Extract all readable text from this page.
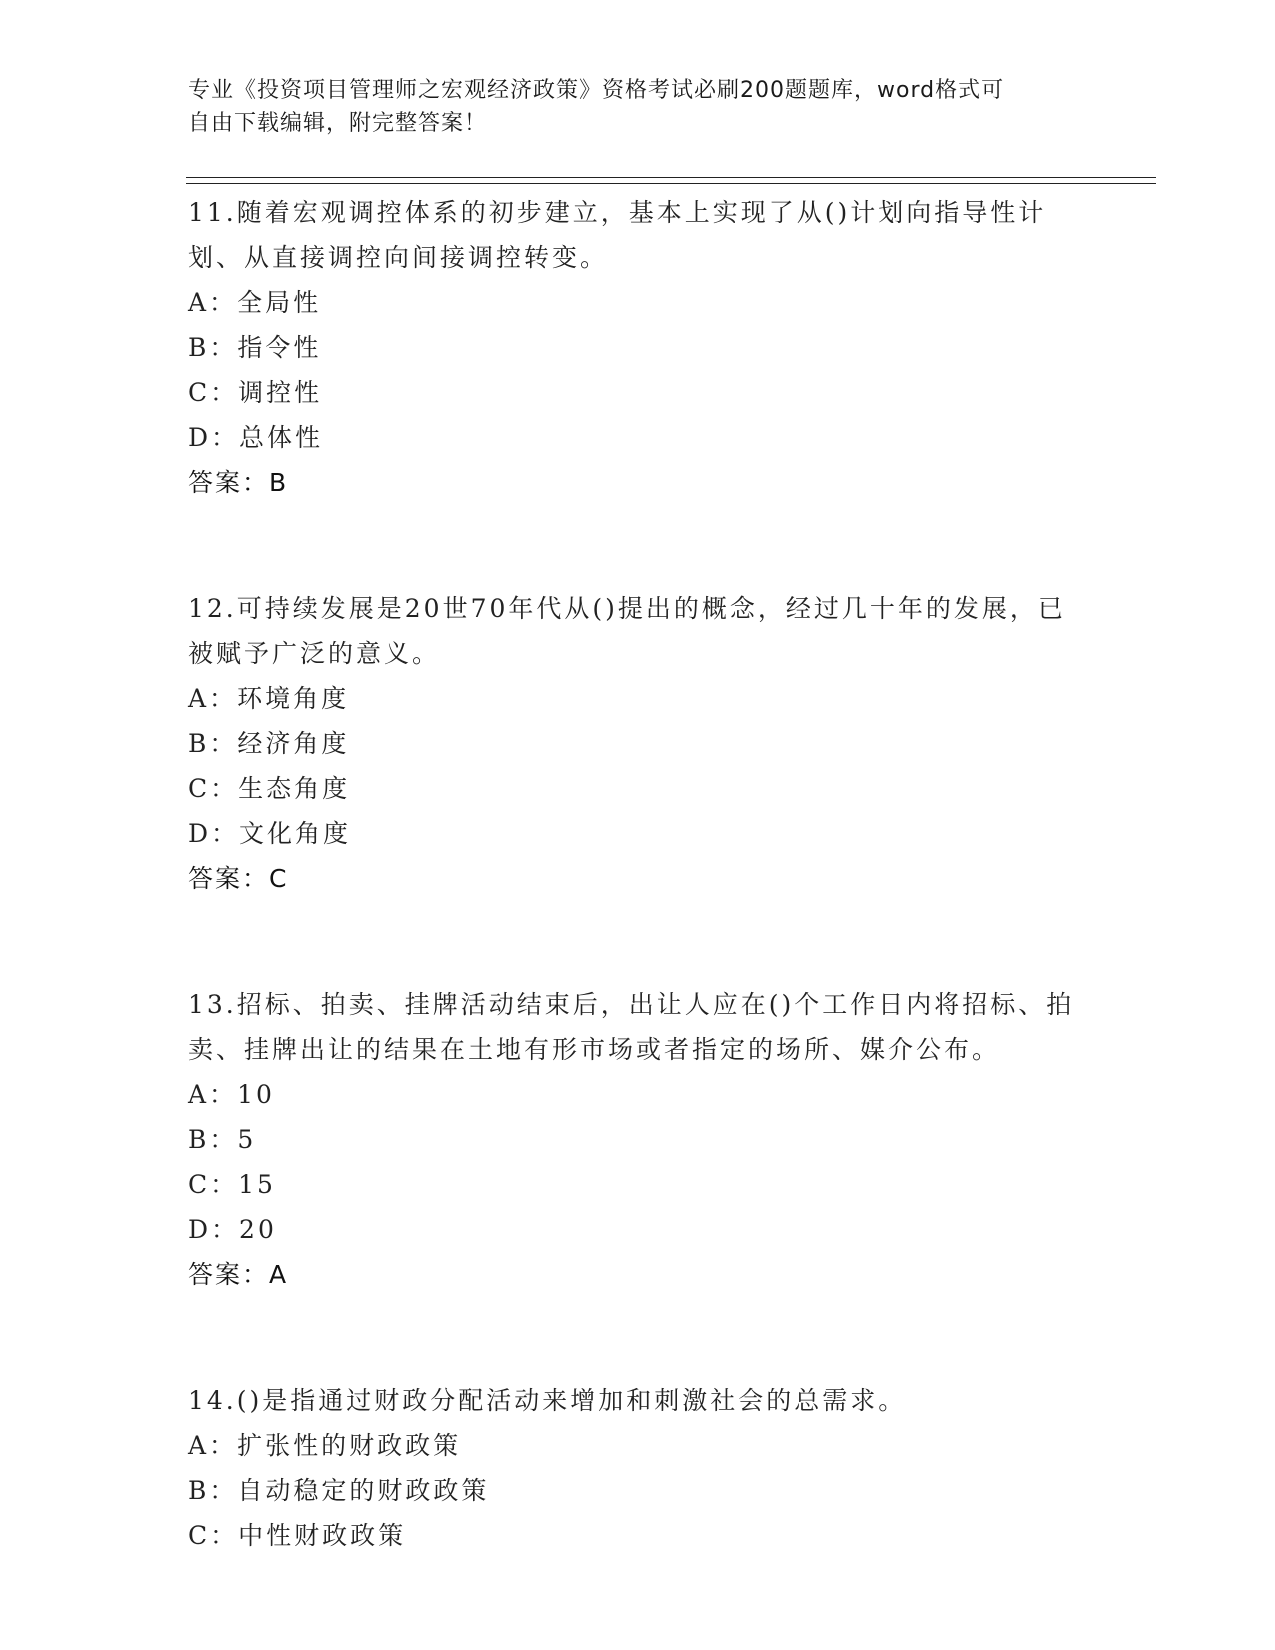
专业《投资项目管理师之宏观经济政策》资格考试必刷200题题库，word格式可
自由下载编辑，附完整答案！

11.随着宏观调控体系的初步建立，基本上实现了从()计划向指导性计划、从直接调控向间接调控转变。

A：全局性

B：指令性

C：调控性

D：总体性

答案：B

12.可持续发展是20世70年代从()提出的概念，经过几十年的发展，已被赋予广泛的意义。

A：环境角度

B：经济角度

C：生态角度

D：文化角度

答案：C

13.招标、拍卖、挂牌活动结束后，出让人应在()个工作日内将招标、拍卖、挂牌出让的结果在土地有形市场或者指定的场所、媒介公布。

A：10

B：5

C：15

D：20

答案：A

14.()是指通过财政分配活动来增加和刺激社会的总需求。

A：扩张性的财政政策

B：自动稳定的财政政策

C：中性财政政策
